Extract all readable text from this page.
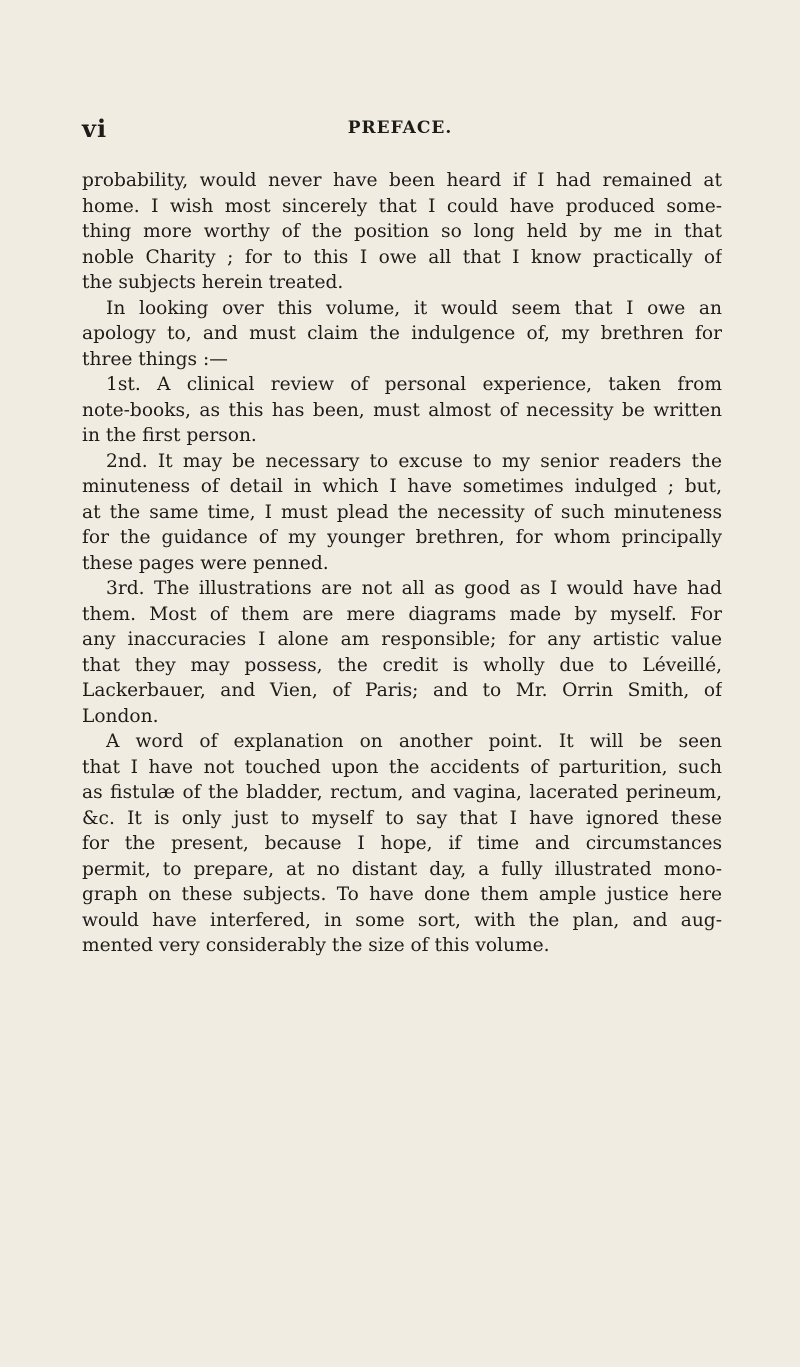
vi	PREFACE.
probability, would never have been heard if I had remained at
home. I wish most sincerely that I could have produced some-
thing more worthy of the position so long held by me in that
noble Charity ; for to this I owe all that I know practically of
the subjects herein treated.
In looking over this volume, it would seem that I owe an
apology to, and must claim the indulgence of, my brethren for
three things :—
1st. A clinical review of personal experience, taken from
note-books, as this has been, must almost of necessity be written
in the first person.
2nd. It may be necessary to excuse to my senior readers the
minuteness of detail in which I have sometimes indulged ; but,
at the same time, I must plead the necessity of such minuteness
for the guidance of my younger brethren, for whom principally
these pages were penned.
3rd. The illustrations are not all as good as I would have had
them. Most of them are mere diagrams made by myself. For
any inaccuracies I alone am responsible; for any artistic value
that they may possess, the credit is wholly due to Léveillé,
Lackerbauer, and Vien, of Paris; and to Mr. Orrin Smith, of
London.
A word of explanation on another point. It will be seen
that I have not touched upon the accidents of parturition, such
as fistulæ of the bladder, rectum, and vagina, lacerated perineum,
&c. It is only just to myself to say that I have ignored these
for the present, because I hope, if time and circumstances
permit, to prepare, at no distant day, a fully illustrated mono-
graph on these subjects. To have done them ample justice here
would have interfered, in some sort, with the plan, and aug-
mented very considerably the size of this volume.
